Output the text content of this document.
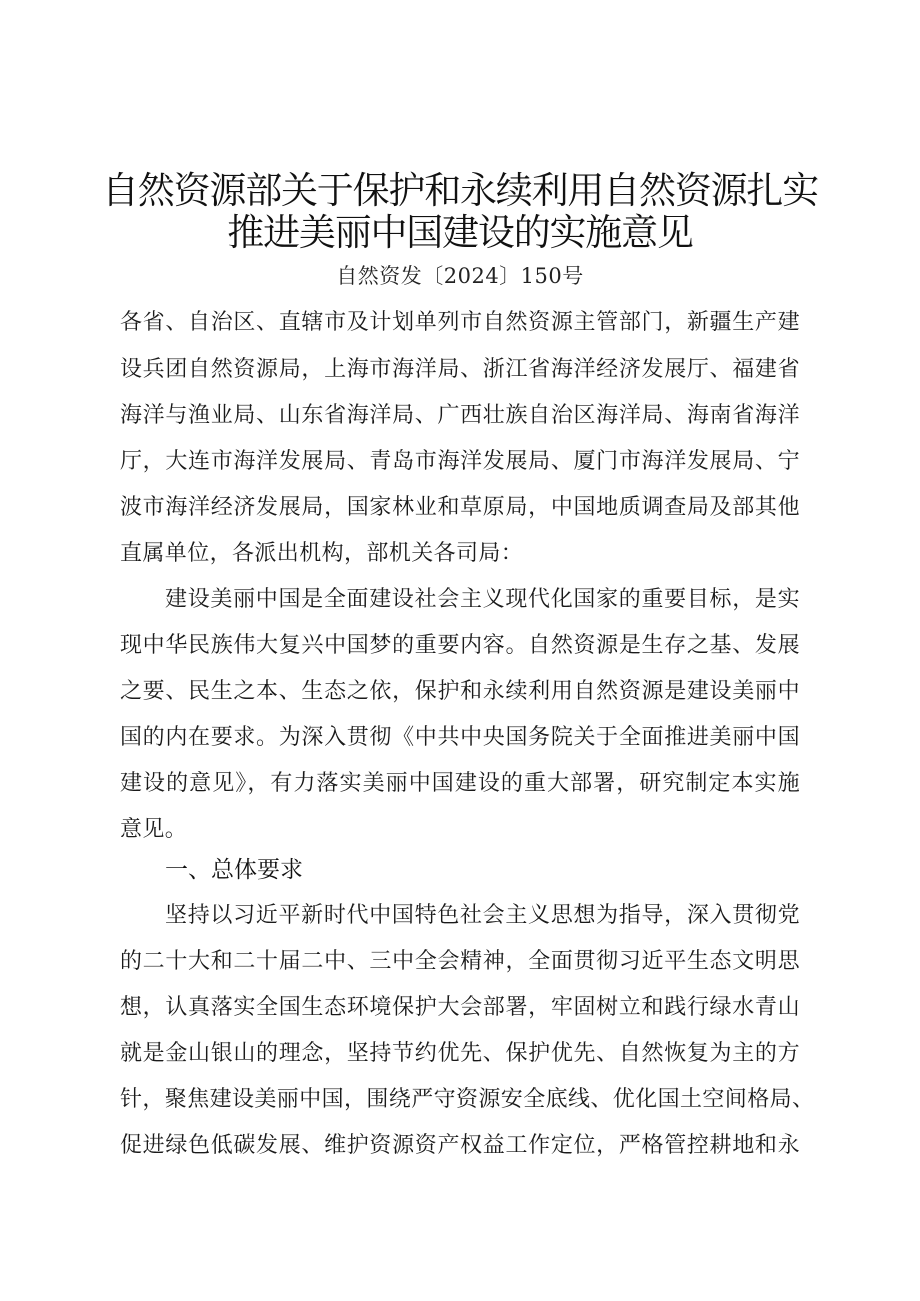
自然资源部关于保护和永续利用自然资源扎实
推进美丽中国建设的实施意见
自然资发〔2024〕150号
各省、自治区、直辖市及计划单列市自然资源主管部门，新疆生产建
设兵团自然资源局，上海市海洋局、浙江省海洋经济发展厅、福建省
海洋与渔业局、山东省海洋局、广西壮族自治区海洋局、海南省海洋
厅，大连市海洋发展局、青岛市海洋发展局、厦门市海洋发展局、宁
波市海洋经济发展局，国家林业和草原局，中国地质调查局及部其他
直属单位，各派出机构，部机关各司局：
建设美丽中国是全面建设社会主义现代化国家的重要目标，是实
现中华民族伟大复兴中国梦的重要内容。自然资源是生存之基、发展
之要、民生之本、生态之依，保护和永续利用自然资源是建设美丽中
国的内在要求。为深入贯彻《中共中央国务院关于全面推进美丽中国
建设的意见》，有力落实美丽中国建设的重大部署，研究制定本实施
意见。
一、总体要求
坚持以习近平新时代中国特色社会主义思想为指导，深入贯彻党
的二十大和二十届二中、三中全会精神，全面贯彻习近平生态文明思
想，认真落实全国生态环境保护大会部署，牢固树立和践行绿水青山
就是金山银山的理念，坚持节约优先、保护优先、自然恢复为主的方
针，聚焦建设美丽中国，围绕严守资源安全底线、优化国土空间格局、
促进绿色低碳发展、维护资源资产权益工作定位，严格管控耕地和永
